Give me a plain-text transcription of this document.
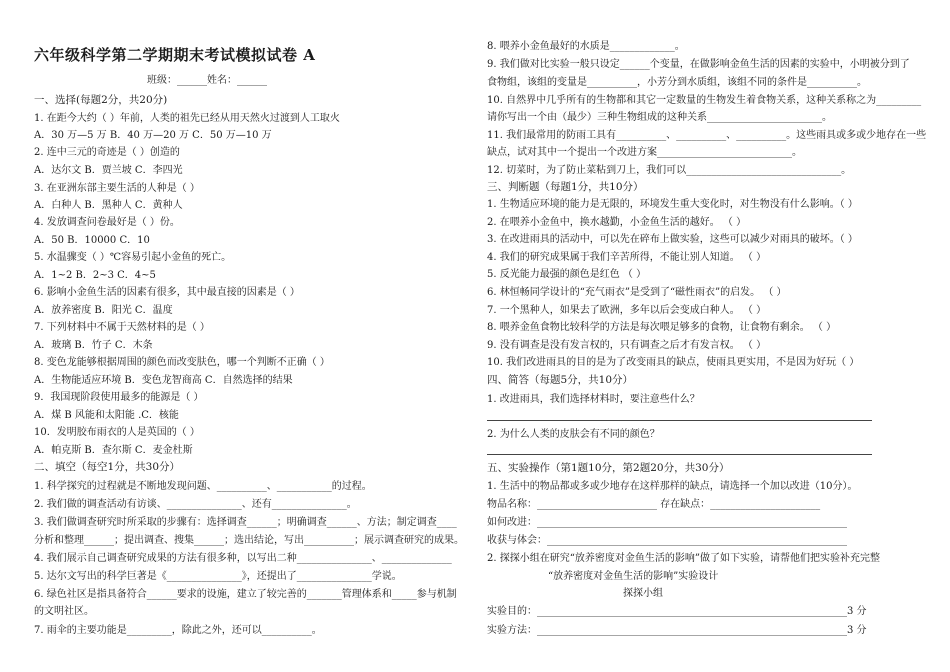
六年级科学第二学期期末考试模拟试卷 A
班级：______姓名：______
一、选择(每题2分，共20分)
1. 在距今大约（ ）年前，人类的祖先已经从用天然火过渡到人工取火
A．30 万—5 万 B．40 万—20 万 C．50 万—10 万
2. 连中三元的奇迹是（ ）创造的
A．达尔文 B．贾兰坡 C．李四光
3. 在亚洲东部主要生活的人种是（ ）
A．白种人 B．黑种人 C．黄种人
4. 发放调查问卷最好是（ ）份。
A．50 B．10000 C．10
5. 水温骤变（ ）℃容易引起小金鱼的死亡。
A．1~2 B．2~3 C．4~5
6. 影响小金鱼生活的因素有很多，其中最直接的因素是（ ）
A．放养密度 B．阳光 C．温度
7. 下列材料中不属于天然材料的是（ ）
A．玻璃 B．竹子 C．木条
8. 变色龙能够根据周围的颜色而改变肤色，哪一个判断不正确（ ）
A．生物能适应环境 B．变色龙智商高 C．自然选择的结果
9．我国现阶段使用最多的能源是（ ）
A．煤 B 风能和太阳能 .C．核能
10．发明胶布雨衣的人是英国的（ ）
A．帕克斯 B．查尔斯 C．麦金杜斯
二、填空（每空1分，共30分）
1. 科学探究的过程就是不断地发现问题、__________、___________的过程。
2. 我们做的调查活动有访谈、_______________、还有_______________。
3. 我们做调查研究时所采取的步骤有：选择调查______；明确调查______、方法；制定调查____
分析和整理______；提出调查、搜集______；选出结论，写出__________；展示调查研究的成果。
4. 我们展示自己调查研究成果的方法有很多种，以写出二种_______________、______________
5. 达尔文写出的科学巨著是《_______________》，还提出了_______________学说。
6. 绿色社区是指具备符合______要求的设施，建立了较完善的_______管理体系和_____参与机制
的文明社区。
7. 雨伞的主要功能是_________，除此之外，还可以__________。
8. 喂养小金鱼最好的水质是_____________。
9. 我们做对比实验一般只设定______个变量，在做影响金鱼生活的因素的实验中，小明被分到了
食物组，该组的变量是__________，小芳分到水质组，该组不同的条件是__________。
10. 自然界中几乎所有的生物都和其它一定数量的生物发生着食物关系，这种关系称之为_________
请你写出一个由（最少）三种生物组成的这种关系_______________________。
11. 我们最常用的防雨工具有__________、__________、__________。这些雨具或多或少地存在一些
缺点，试对其中一个提出一个改进方案___________________________。
12. 切菜时，为了防止菜粘到刀上，我们可以_______________________________。
三、判断题（每题1分，共10分）
1. 生物适应环境的能力是无限的，环境发生重大变化时，对生物没有什么影响。（ ）
2. 在喂养小金鱼中，换水越勤，小金鱼生活的越好。 （ ）
3. 在改进雨具的活动中，可以先在碎布上做实验，这些可以减少对雨具的破坏。（ ）
4. 我们的研究成果属于我们辛苦所得，不能让别人知道。 （ ）
5. 反光能力最强的颜色是红色 （ ）
6. 林恒畅同学设计的“充气雨衣”是受到了“磁性雨衣”的启发。 （ ）
7. 一个黑种人，如果去了欧洲，多年以后会变成白种人。 （ ）
8. 喂养金鱼食物比较科学的方法是每次喂足够多的食物，让食物有剩余。 （ ）
9. 没有调查是没有发言权的，只有调查之后才有发言权。 （ ）
10. 我们改进雨具的目的是为了改变雨具的缺点，使雨具更实用，不是因为好玩（ ）
四、简答（每题5分，共10分）
1. 改进雨具，我们选择材料时，要注意些什么？
2. 为什么人类的皮肤会有不同的颜色？
五、实验操作（第1题10分，第2题20分，共30分）
1. 生活中的物品都或多或少地存在这样那样的缺点，请选择一个加以改进（10分）。
物品名称：________________________ 存在缺点：______________________
如何改进：______________________________________________________________
收获与体会：____________________________________________________________
2. 探探小组在研究“放养密度对金鱼生活的影响”做了如下实验，请帮他们把实验补充完整
“放养密度对金鱼生活的影响”实验设计
探探小组
实验目的：______________________________________________________________3 分
实验方法：______________________________________________________________3 分
